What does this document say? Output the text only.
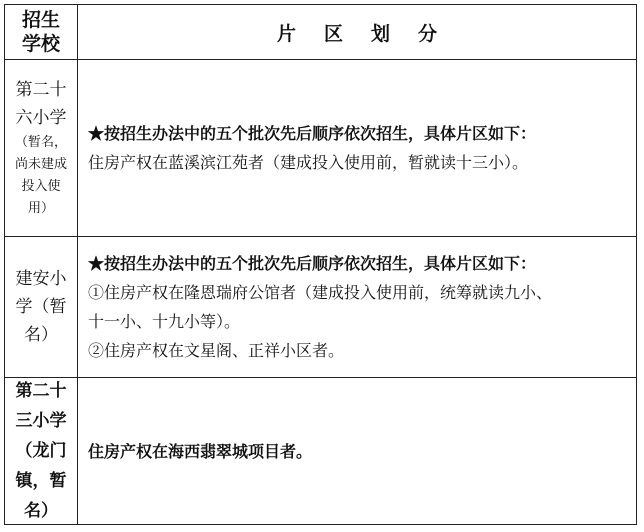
招生
学校	片 区 划 分
第二十
六小学
（暂名，
尚未建成
投入使
用）
★按招生办法中的五个批次先后顺序依次招生，具体片区如下：
住房产权在蓝溪滨江苑者（建成投入使用前，暂就读十三小）。
建安小
学（暂
名）
★按招生办法中的五个批次先后顺序依次招生，具体片区如下：
①住房产权在隆恩瑞府公馆者（建成投入使用前，统筹就读九小、
十一小、十九小等）。
②住房产权在文星阁、正祥小区者。
第二十
三小学
（龙门
镇，暂
名）
住房产权在海西翡翠城项目者。
